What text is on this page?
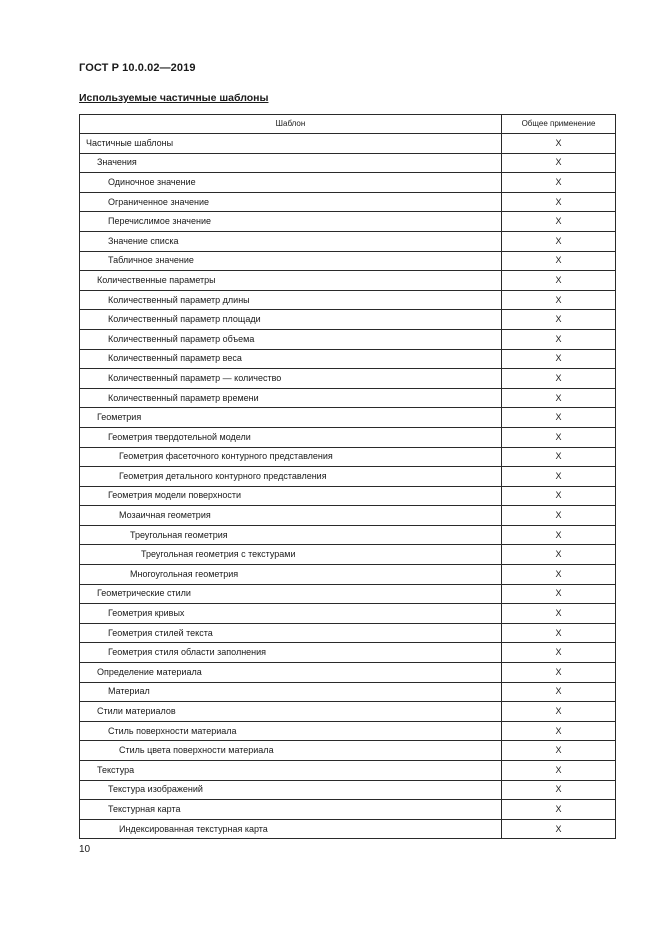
ГОСТ Р 10.0.02—2019
Используемые частичные шаблоны
Шаблон	Общее применение
Частичные шаблоны	X
Значения	X
Одиночное значение	X
Ограниченное значение	X
Перечислимое значение	X
Значение списка	X
Табличное значение	X
Количественные параметры	X
Количественный параметр длины	X
Количественный параметр площади	X
Количественный параметр объема	X
Количественный параметр веса	X
Количественный параметр — количество	X
Количественный параметр времени	X
Геометрия	X
Геометрия твердотельной модели	X
Геометрия фасеточного контурного представления	X
Геометрия детального контурного представления	X
Геометрия модели поверхности	X
Мозаичная геометрия	X
Треугольная геометрия	X
Треугольная геометрия с текстурами	X
Многоугольная геометрия	X
Геометрические стили	X
Геометрия кривых	X
Геометрия стилей текста	X
Геометрия стиля области заполнения	X
Определение материала	X
Материал	X
Стили материалов	X
Стиль поверхности материала	X
Стиль цвета поверхности материала	X
Текстура	X
Текстура изображений	X
Текстурная карта	X
Индексированная текстурная карта	X
10
